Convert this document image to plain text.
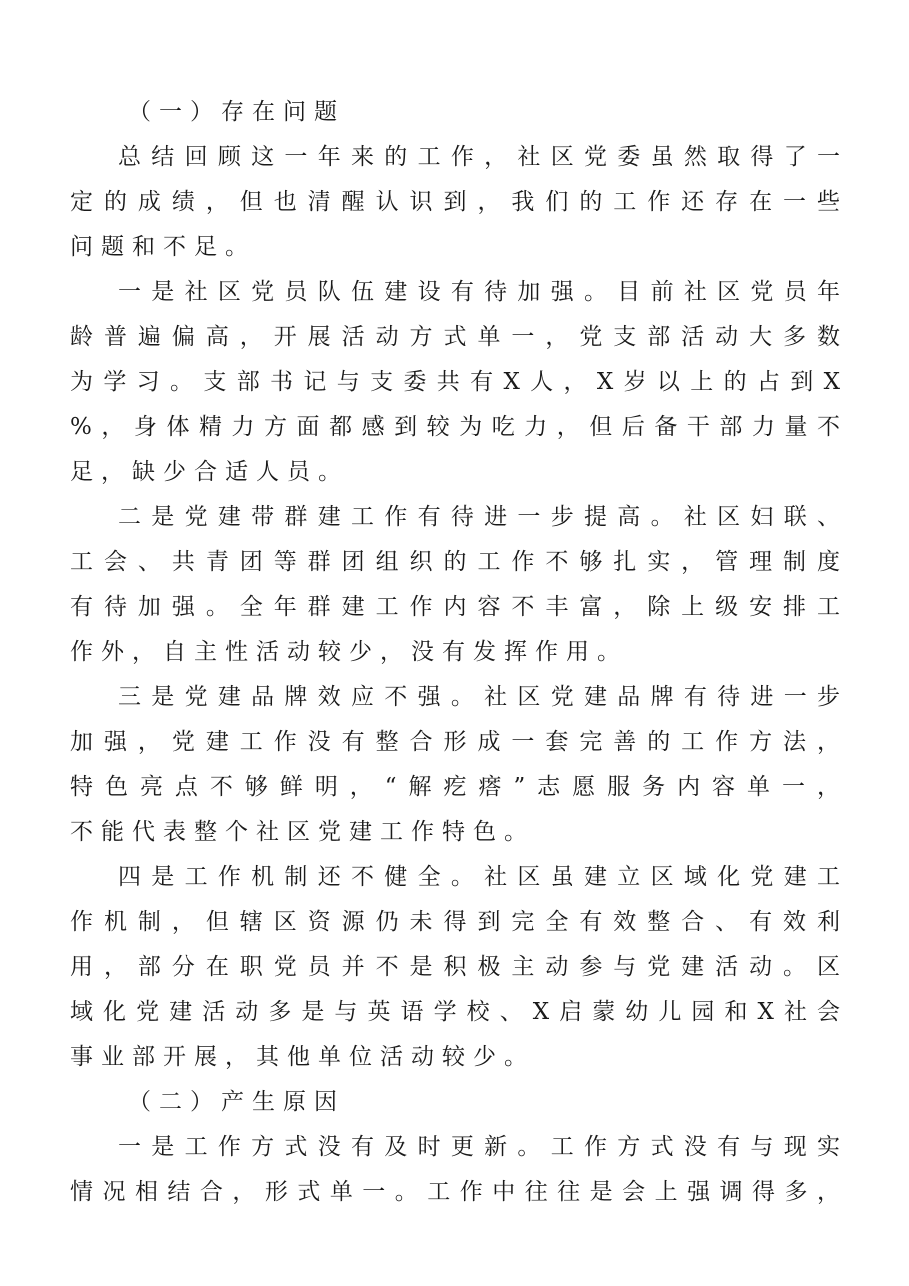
（一）存在问题
总结回顾这一年来的工作，社区党委虽然取得了一
定的成绩，但也清醒认识到，我们的工作还存在一些
问题和不足。
一是社区党员队伍建设有待加强。目前社区党员年
龄普遍偏高，开展活动方式单一，党支部活动大多数
为学习。支部书记与支委共有X人，X岁以上的占到X
%，身体精力方面都感到较为吃力，但后备干部力量不
足，缺少合适人员。
二是党建带群建工作有待进一步提高。社区妇联、
工会、共青团等群团组织的工作不够扎实，管理制度
有待加强。全年群建工作内容不丰富，除上级安排工
作外，自主性活动较少，没有发挥作用。
三是党建品牌效应不强。社区党建品牌有待进一步
加强，党建工作没有整合形成一套完善的工作方法，
特色亮点不够鲜明，“解疙瘩”志愿服务内容单一，
不能代表整个社区党建工作特色。
四是工作机制还不健全。社区虽建立区域化党建工
作机制，但辖区资源仍未得到完全有效整合、有效利
用，部分在职党员并不是积极主动参与党建活动。区
域化党建活动多是与英语学校、X启蒙幼儿园和X社会
事业部开展，其他单位活动较少。
（二）产生原因
一是工作方式没有及时更新。工作方式没有与现实
情况相结合，形式单一。工作中往往是会上强调得多，
